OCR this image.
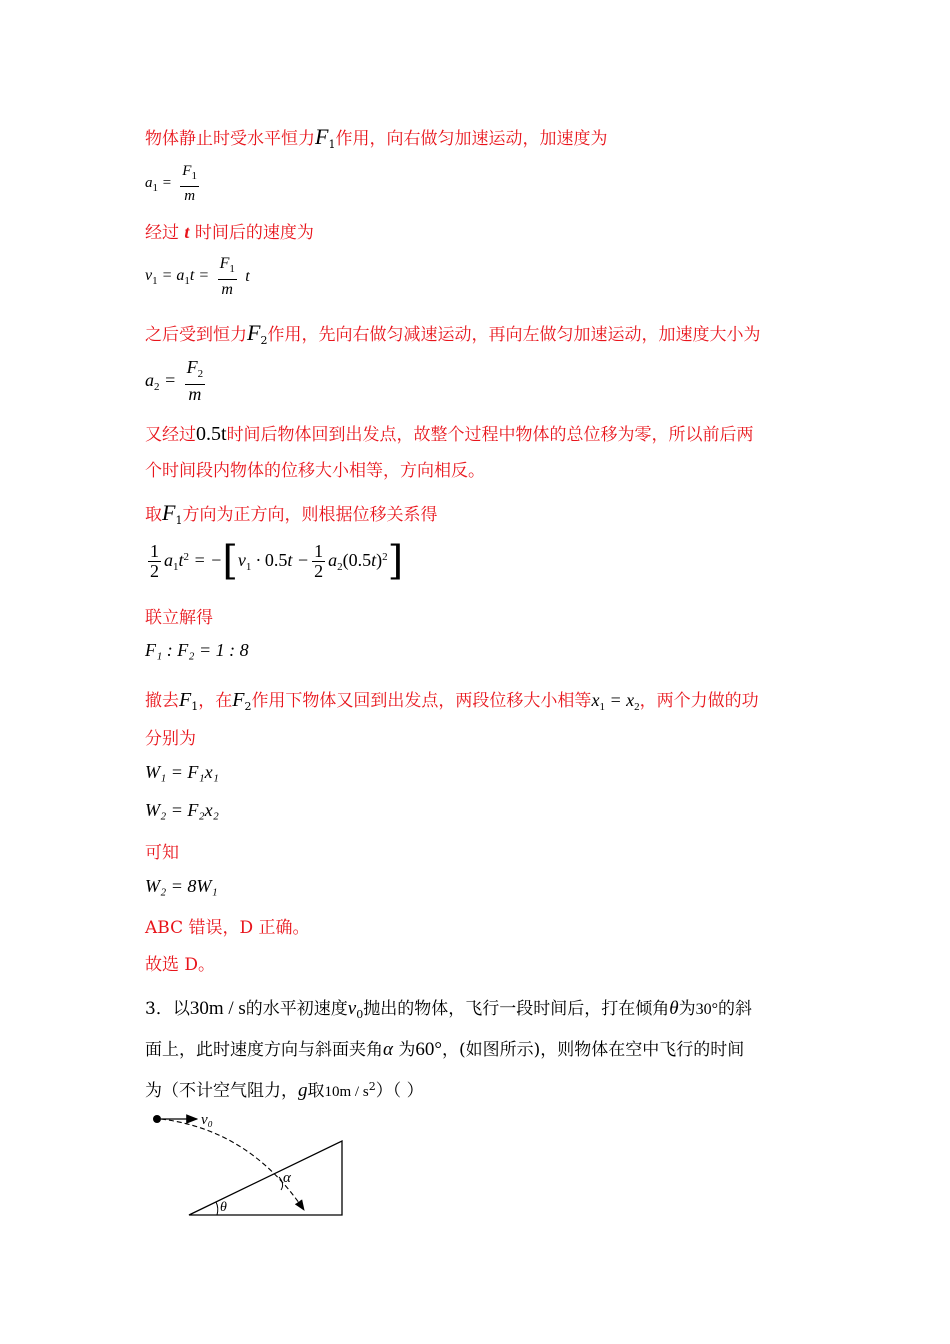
物体静止时受水平恒力$F_1$作用，向右做匀加速运动，加速度为
$a_1 = \frac{F_1}{m}$
经过 t 时间后的速度为
$v_1 = a_1t = \frac{F_1}{m}$ t
之后受到恒力$F_2$作用，先向右做匀减速运动，再向左做匀加速运动，加速度大小为
$a_2 = \frac{F_2}{m}$
又经过0.5t时间后物体回到出发点，故整个过程中物体的总位移为零，所以前后两
个时间段内物体的位移大小相等，方向相反。
取$F_1$方向为正方向，则根据位移关系得
$\frac{1}{2} a_1t^2 = -[v_1 \cdot 0.5t - \frac{1}{2} a_2(0.5t)^2]$
联立解得
F₁ : F₂ = 1 : 8
撤去$F_1$，在$F_2$作用下物体又回到出发点，两段位移大小相等$x_1 = x_2$，两个力做的功
分别为
W₁ = F₁x₁
W₂ = F₂x₂
可知
W₂ = 8W₁
ABC 错误，D 正确。
故选 D。
3．以30m / s的水平初速度$v_0$抛出的物体，飞行一段时间后，打在倾角θ为30°的斜
面上，此时速度方向与斜面夹角α 为60°，(如图所示)，则物体在空中飞行的时间
为（不计空气阻力，g取$10m / s^2$）（ ）
v₀
α
θ
